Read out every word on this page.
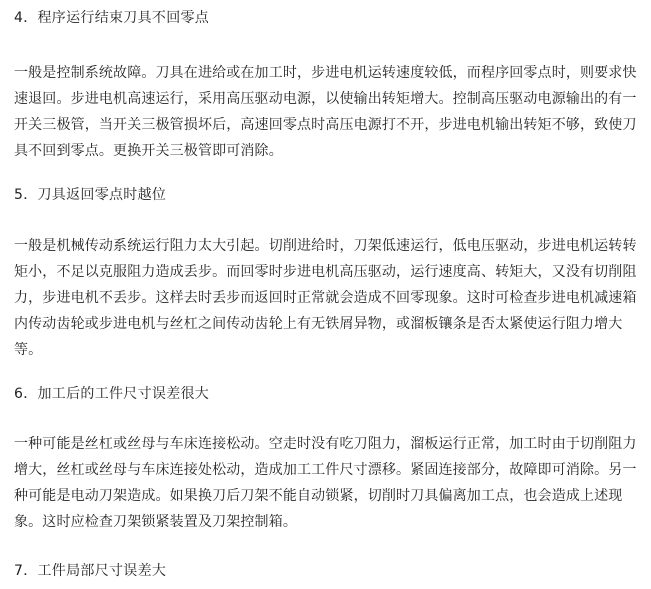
4．程序运行结束刀具不回零点
一般是控制系统故障。刀具在进给或在加工时，步进电机运转速度较低，而程序回零点时，则要求快
速退回。步进电机高速运行，采用高压驱动电源，以使输出转矩增大。控制高压驱动电源输出的有一
开关三极管，当开关三极管损坏后，高速回零点时高压电源打不开，步进电机输出转矩不够，致使刀
具不回到零点。更换开关三极管即可消除。
5．刀具返回零点时越位
一般是机械传动系统运行阻力太大引起。切削进给时，刀架低速运行，低电压驱动，步进电机运转转
矩小，不足以克服阻力造成丢步。而回零时步进电机高压驱动，运行速度高、转矩大，又没有切削阻
力，步进电机不丢步。这样去时丢步而返回时正常就会造成不回零现象。这时可检查步进电机减速箱
内传动齿轮或步进电机与丝杠之间传动齿轮上有无铁屑异物，或溜板镶条是否太紧使运行阻力增大
等。
6．加工后的工件尺寸误差很大
一种可能是丝杠或丝母与车床连接松动。空走时没有吃刀阻力，溜板运行正常，加工时由于切削阻力
增大，丝杠或丝母与车床连接处松动，造成加工工件尺寸漂移。紧固连接部分，故障即可消除。另一
种可能是电动刀架造成。如果换刀后刀架不能自动锁紧，切削时刀具偏离加工点，也会造成上述现
象。这时应检查刀架锁紧装置及刀架控制箱。
7．工件局部尺寸误差大
